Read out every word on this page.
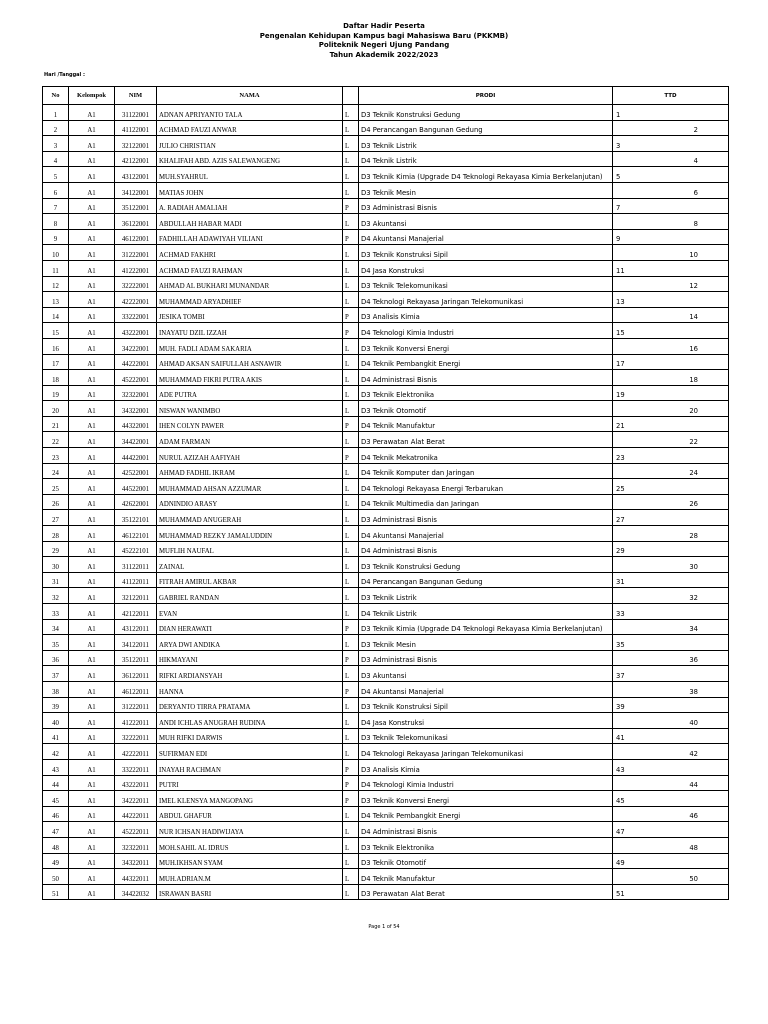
Daftar Hadir Peserta
Pengenalan Kehidupan Kampus bagi Mahasiswa Baru (PKKMB)
Politeknik Negeri Ujung Pandang
Tahun Akademik 2022/2023
Hari /Tanggal :
No	Kelompok	NIM	NAMA		PRODI	TTD
1	A1	31122001	ADNAN APRIYANTO TALA	L	D3 Teknik Konstruksi Gedung	1
2	A1	41122001	ACHMAD FAUZI ANWAR	L	D4 Perancangan Bangunan Gedung	2
3	A1	32122001	JULIO CHRISTIAN	L	D3 Teknik Listrik	3
4	A1	42122001	KHALIFAH ABD. AZIS SALEWANGENG	L	D4 Teknik Listrik	4
5	A1	43122001	MUH.SYAHRUL	L	D3 Teknik Kimia (Upgrade D4 Teknologi Rekayasa Kimia Berkelanjutan)	5
6	A1	34122001	MATIAS JOHN	L	D3 Teknik Mesin	6
7	A1	35122001	A. RADIAH AMALIAH	P	D3 Administrasi Bisnis	7
8	A1	36122001	ABDULLAH HABAR MADI	L	D3 Akuntansi	8
9	A1	46122001	FADHILLAH ADAWIYAH VILIANI	P	D4 Akuntansi Manajerial	9
10	A1	31222001	ACHMAD FAKHRI	L	D3 Teknik Konstruksi Sipil	10
11	A1	41222001	ACHMAD FAUZI RAHMAN	L	D4 Jasa Konstruksi	11
12	A1	32222001	AHMAD AL BUKHARI MUNANDAR	L	D3 Teknik Telekomunikasi	12
13	A1	42222001	MUHAMMAD ARYADHIEF	L	D4 Teknologi Rekayasa Jaringan Telekomunikasi	13
14	A1	33222001	JESIKA TOMBI	P	D3 Analisis Kimia	14
15	A1	43222001	INAYATU DZIL IZZAH	P	D4 Teknologi Kimia Industri	15
16	A1	34222001	MUH. FADLI ADAM SAKARIA	L	D3 Teknik Konversi Energi	16
17	A1	44222001	AHMAD AKSAN SAIFULLAH ASNAWIR	L	D4 Teknik Pembangkit Energi	17
18	A1	45222001	MUHAMMAD FIKRI PUTRA AKIS	L	D4 Administrasi Bisnis	18
19	A1	32322001	ADE PUTRA	L	D3 Teknik Elektronika	19
20	A1	34322001	NISWAN WANIMBO	L	D3 Teknik Otomotif	20
21	A1	44322001	IHEN COLYN PAWER	P	D4 Teknik Manufaktur	21
22	A1	34422001	ADAM FARMAN	L	D3 Perawatan Alat Berat	22
23	A1	44422001	NURUL AZIZAH AAFIYAH	P	D4 Teknik Mekatronika	23
24	A1	42522001	AHMAD FADHIL IKRAM	L	D4 Teknik Komputer dan Jaringan	24
25	A1	44522001	MUHAMMAD AHSAN AZZUMAR	L	D4 Teknologi Rekayasa Energi Terbarukan	25
26	A1	42622001	ADNINDIO ARASY	L	D4 Teknik Multimedia dan Jaringan	26
27	A1	35122101	MUHAMMAD ANUGERAH	L	D3 Administrasi Bisnis	27
28	A1	46122101	MUHAMMAD REZKY JAMALUDDIN	L	D4 Akuntansi Manajerial	28
29	A1	45222101	MUFLIH NAUFAL	L	D4 Administrasi Bisnis	29
30	A1	31122011	ZAINAL	L	D3 Teknik Konstruksi Gedung	30
31	A1	41122011	FITRAH AMIRUL AKBAR	L	D4 Perancangan Bangunan Gedung	31
32	A1	32122011	GABRIEL RANDAN	L	D3 Teknik Listrik	32
33	A1	42122011	EVAN	L	D4 Teknik Listrik	33
34	A1	43122011	DIAN HERAWATI	P	D3 Teknik Kimia (Upgrade D4 Teknologi Rekayasa Kimia Berkelanjutan)	34
35	A1	34122011	ARYA DWI ANDIKA	L	D3 Teknik Mesin	35
36	A1	35122011	HIKMAYANI	P	D3 Administrasi Bisnis	36
37	A1	36122011	RIFKI ARDIANSYAH	L	D3 Akuntansi	37
38	A1	46122011	HANNA	P	D4 Akuntansi Manajerial	38
39	A1	31222011	DERYANTO TIRRA PRATAMA	L	D3 Teknik Konstruksi Sipil	39
40	A1	41222011	ANDI ICHLAS ANUGRAH RUDINA	L	D4 Jasa Konstruksi	40
41	A1	32222011	MUH RIFKI DARWIS	L	D3 Teknik Telekomunikasi	41
42	A1	42222011	SUFIRMAN EDI	L	D4 Teknologi Rekayasa Jaringan Telekomunikasi	42
43	A1	33222011	INAYAH RACHMAN	P	D3 Analisis Kimia	43
44	A1	43222011	PUTRI	P	D4 Teknologi Kimia Industri	44
45	A1	34222011	IMEL KLENSYA MANGOPANG	P	D3 Teknik Konversi Energi	45
46	A1	44222011	ABDUL GHAFUR	L	D4 Teknik Pembangkit Energi	46
47	A1	45222011	NUR ICHSAN HADIWIJAYA	L	D4 Administrasi Bisnis	47
48	A1	32322011	MOH.SAHIL AL IDRUS	L	D3 Teknik Elektronika	48
49	A1	34322011	MUH.IKHSAN SYAM	L	D3 Teknik Otomotif	49
50	A1	44322011	MUH.ADRIAN.M	L	D4 Teknik Manufaktur	50
51	A1	34422032	ISRAWAN BASRI	L	D3 Perawatan Alat Berat	51
Page 1 of 54
